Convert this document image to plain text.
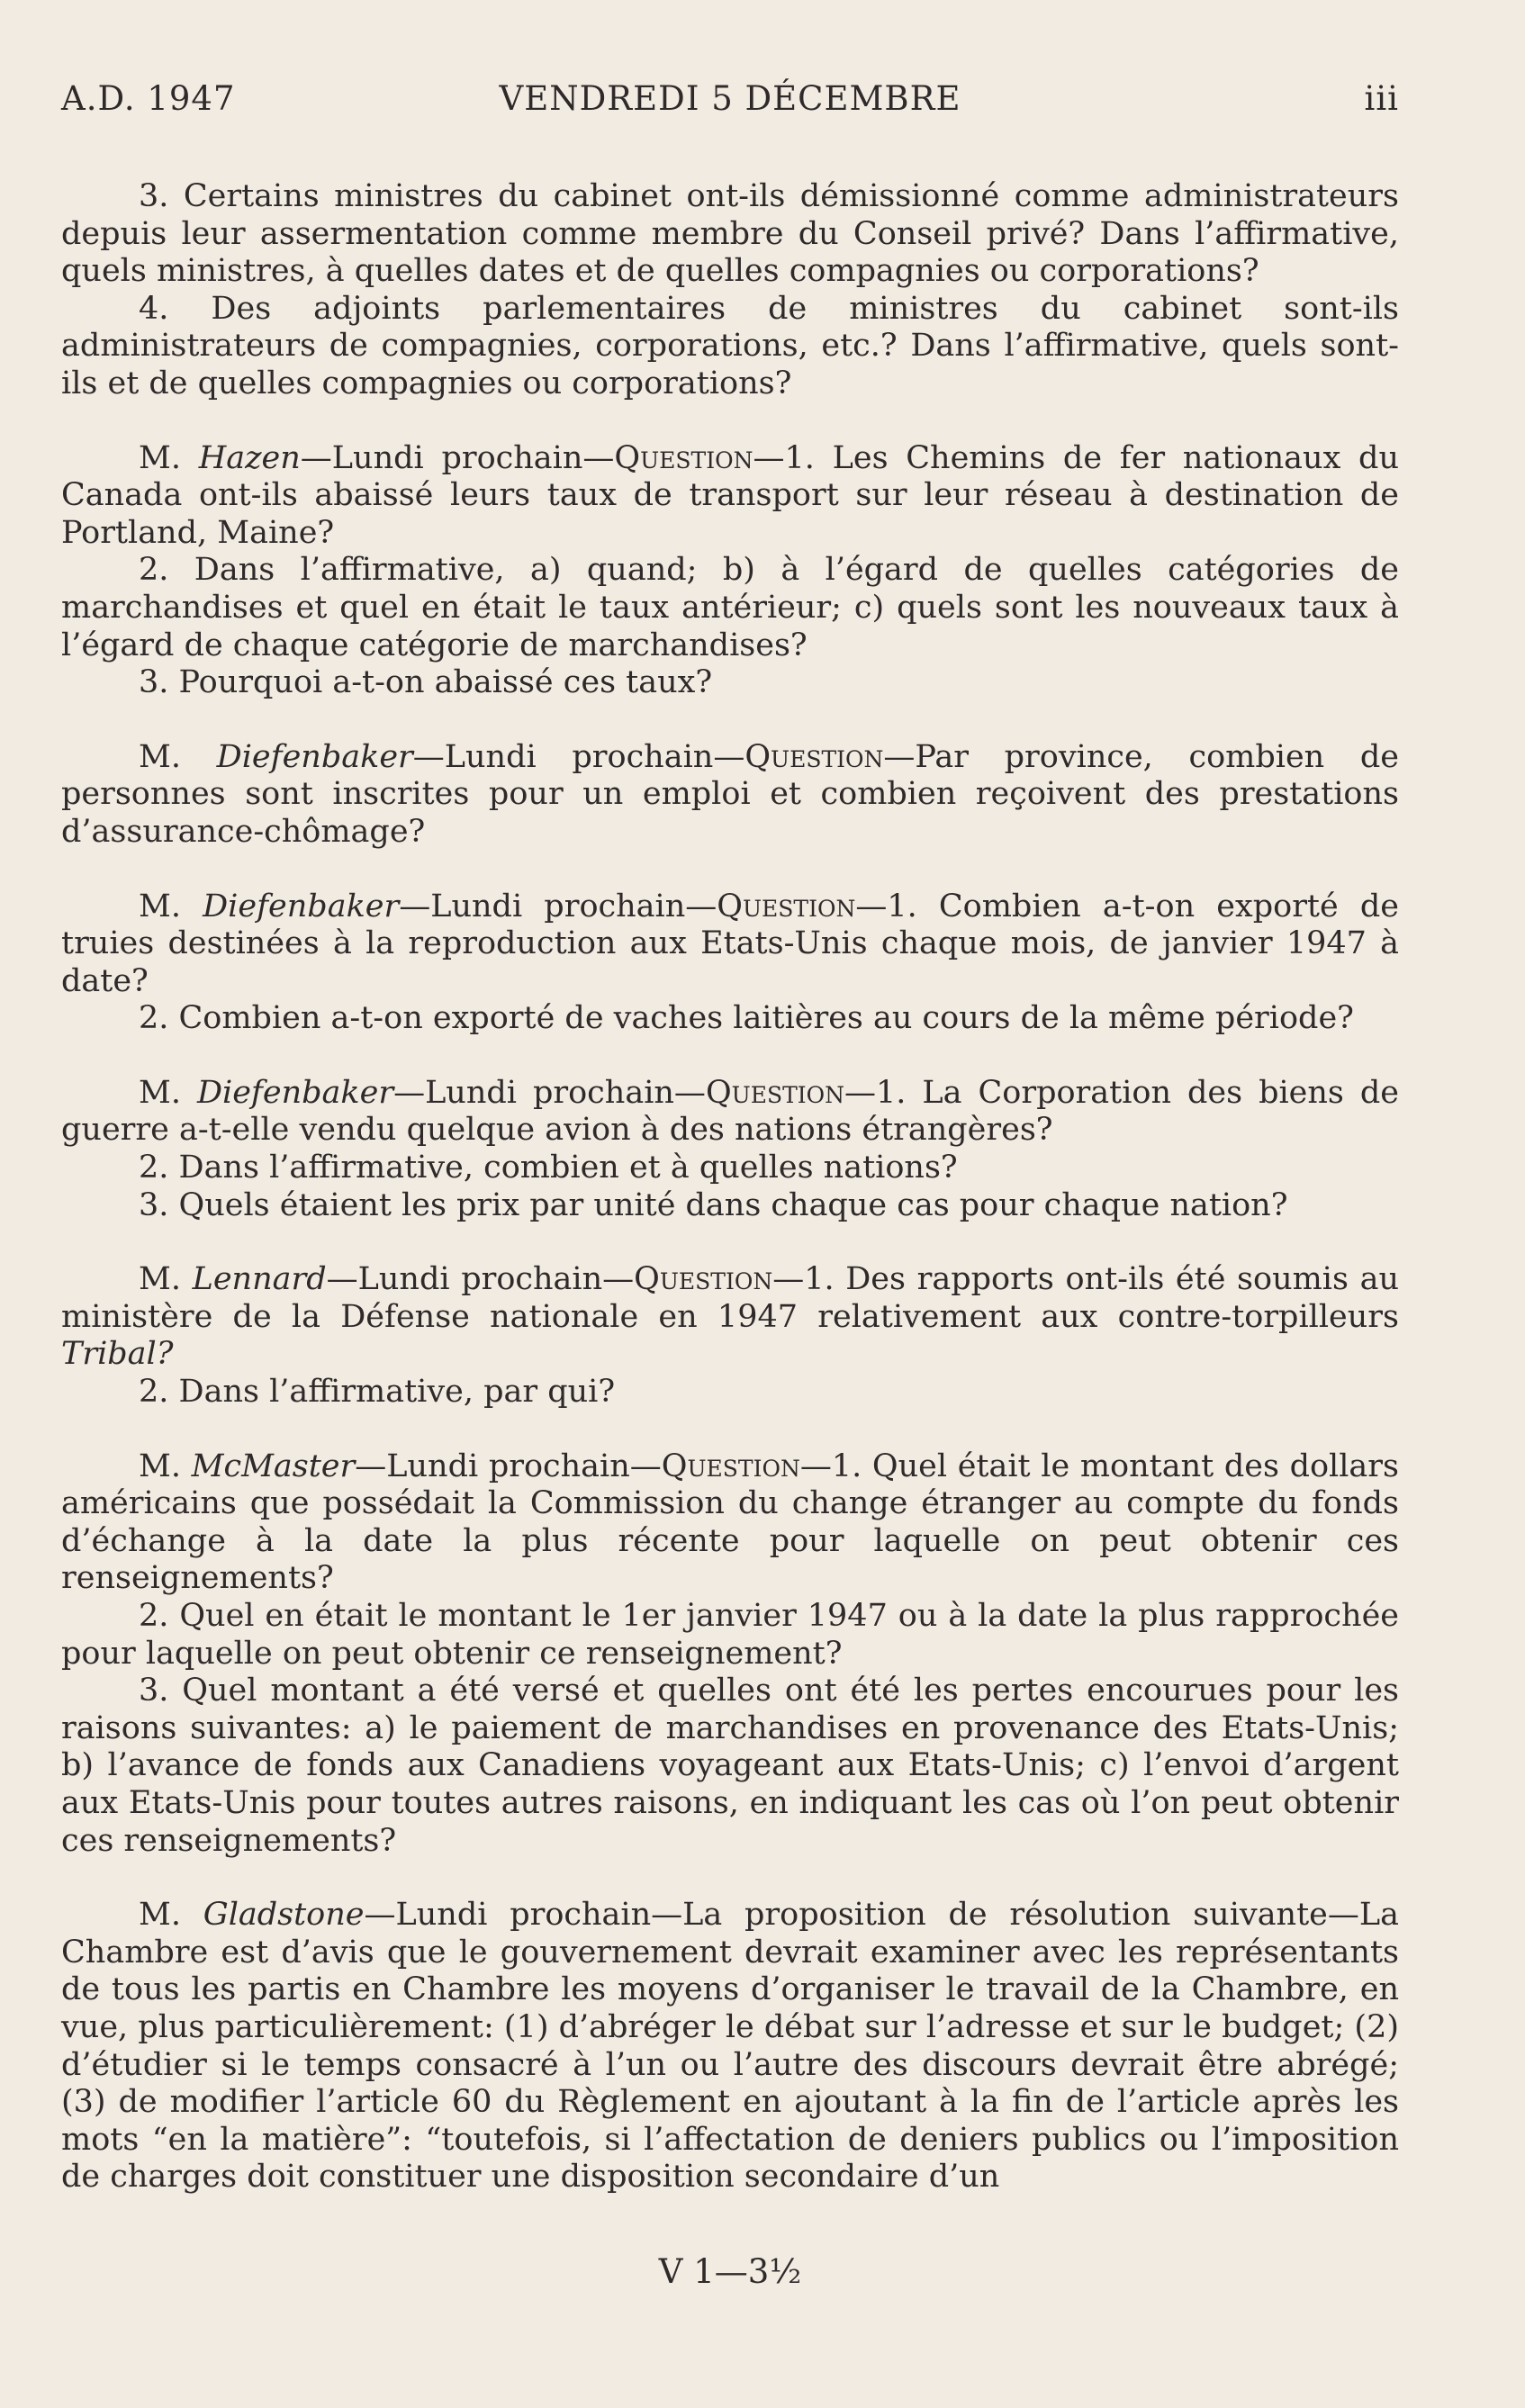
VENDREDI 5 DÉCEMBRE
A.D. 1947	iii

3. Certains ministres du cabinet ont-ils démissionné comme administrateurs depuis leur assermentation comme membre du Conseil privé? Dans l’affirmative, quels ministres, à quelles dates et de quelles compagnies ou corporations?

4. Des adjoints parlementaires de ministres du cabinet sont-ils administrateurs de compagnies, corporations, etc.? Dans l’affirmative, quels sont-ils et de quelles compagnies ou corporations?

M. Hazen—Lundi prochain—Question—1. Les Chemins de fer nationaux du Canada ont-ils abaissé leurs taux de transport sur leur réseau à destination de Portland, Maine?

2. Dans l’affirmative, a) quand; b) à l’égard de quelles catégories de marchandises et quel en était le taux antérieur; c) quels sont les nouveaux taux à l’égard de chaque catégorie de marchandises?

3. Pourquoi a-t-on abaissé ces taux?

M. Diefenbaker—Lundi prochain—Question—Par province, combien de personnes sont inscrites pour un emploi et combien reçoivent des prestations d’assurance-chômage?

M. Diefenbaker—Lundi prochain—Question—1. Combien a-t-on exporté de truies destinées à la reproduction aux Etats-Unis chaque mois, de janvier 1947 à date?

2. Combien a-t-on exporté de vaches laitières au cours de la même période?

M. Diefenbaker—Lundi prochain—Question—1. La Corporation des biens de guerre a-t-elle vendu quelque avion à des nations étrangères?

2. Dans l’affirmative, combien et à quelles nations?

3. Quels étaient les prix par unité dans chaque cas pour chaque nation?

M. Lennard—Lundi prochain—Question—1. Des rapports ont-ils été soumis au ministère de la Défense nationale en 1947 relativement aux contre-torpilleurs Tribal?

2. Dans l’affirmative, par qui?

M. McMaster—Lundi prochain—Question—1. Quel était le montant des dollars américains que possédait la Commission du change étranger au compte du fonds d’échange à la date la plus récente pour laquelle on peut obtenir ces renseignements?

2. Quel en était le montant le 1er janvier 1947 ou à la date la plus rapprochée pour laquelle on peut obtenir ce renseignement?

3. Quel montant a été versé et quelles ont été les pertes encourues pour les raisons suivantes: a) le paiement de marchandises en provenance des Etats-Unis; b) l’avance de fonds aux Canadiens voyageant aux Etats-Unis; c) l’envoi d’argent aux Etats-Unis pour toutes autres raisons, en indiquant les cas où l’on peut obtenir ces renseignements?

M. Gladstone—Lundi prochain—La proposition de résolution suivante—La Chambre est d’avis que le gouvernement devrait examiner avec les représentants de tous les partis en Chambre les moyens d’organiser le travail de la Chambre, en vue, plus particulièrement: (1) d’abréger le débat sur l’adresse et sur le budget; (2) d’étudier si le temps consacré à l’un ou l’autre des discours devrait être abrégé; (3) de modifier l’article 60 du Règlement en ajoutant à la fin de l’article après les mots “en la matière”: “toutefois, si l’affectation de deniers publics ou l’imposition de charges doit constituer une disposition secondaire d’un

V 1—3½
